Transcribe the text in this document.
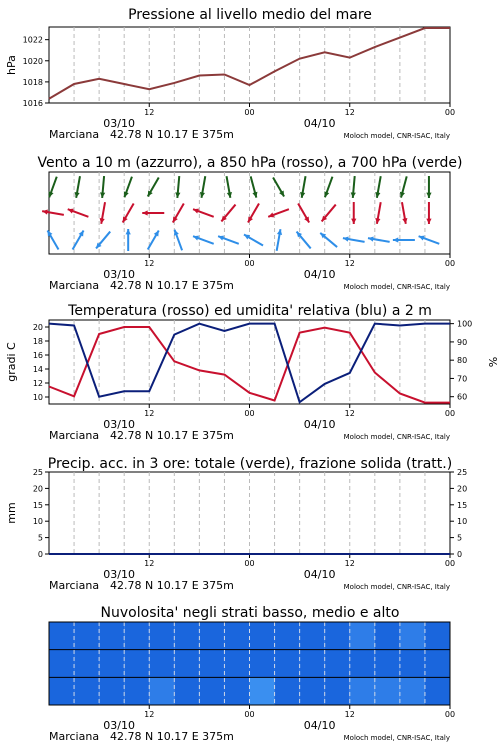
Pressione al livello medio del mare
12	00	12	00
03/10	04/10
Marciana 42.78 N 10.17 E 375m	Moloch model, CNR-ISAC, Italy
1016
1018
1020
1022
hPa
Vento a 10 m (azzurro), a 850 hPa (rosso), a 700 hPa (verde)
12	00	12	00
03/10	04/10
Marciana 42.78 N 10.17 E 375m	Moloch model, CNR-ISAC, Italy
Temperatura (rosso) ed umidita' relativa (blu) a 2 m
12	00	12	00
03/10	04/10
Marciana 42.78 N 10.17 E 375m	Moloch model, CNR-ISAC, Italy
10
12
14
16
18
20
60
70
80
90
100
gradi C	%
Precip. acc. in 3 ore: totale (verde), frazione solida (tratt.)
12	00	12	00
03/10	04/10
Marciana 42.78 N 10.17 E 375m	Moloch model, CNR-ISAC, Italy
0
5
10
15
20
25
0
5
10
15
20
25
mm
Nuvolosita' negli strati basso, medio e alto
12	00	12	00
03/10	04/10
Marciana 42.78 N 10.17 E 375m	Moloch model, CNR-ISAC, Italy
